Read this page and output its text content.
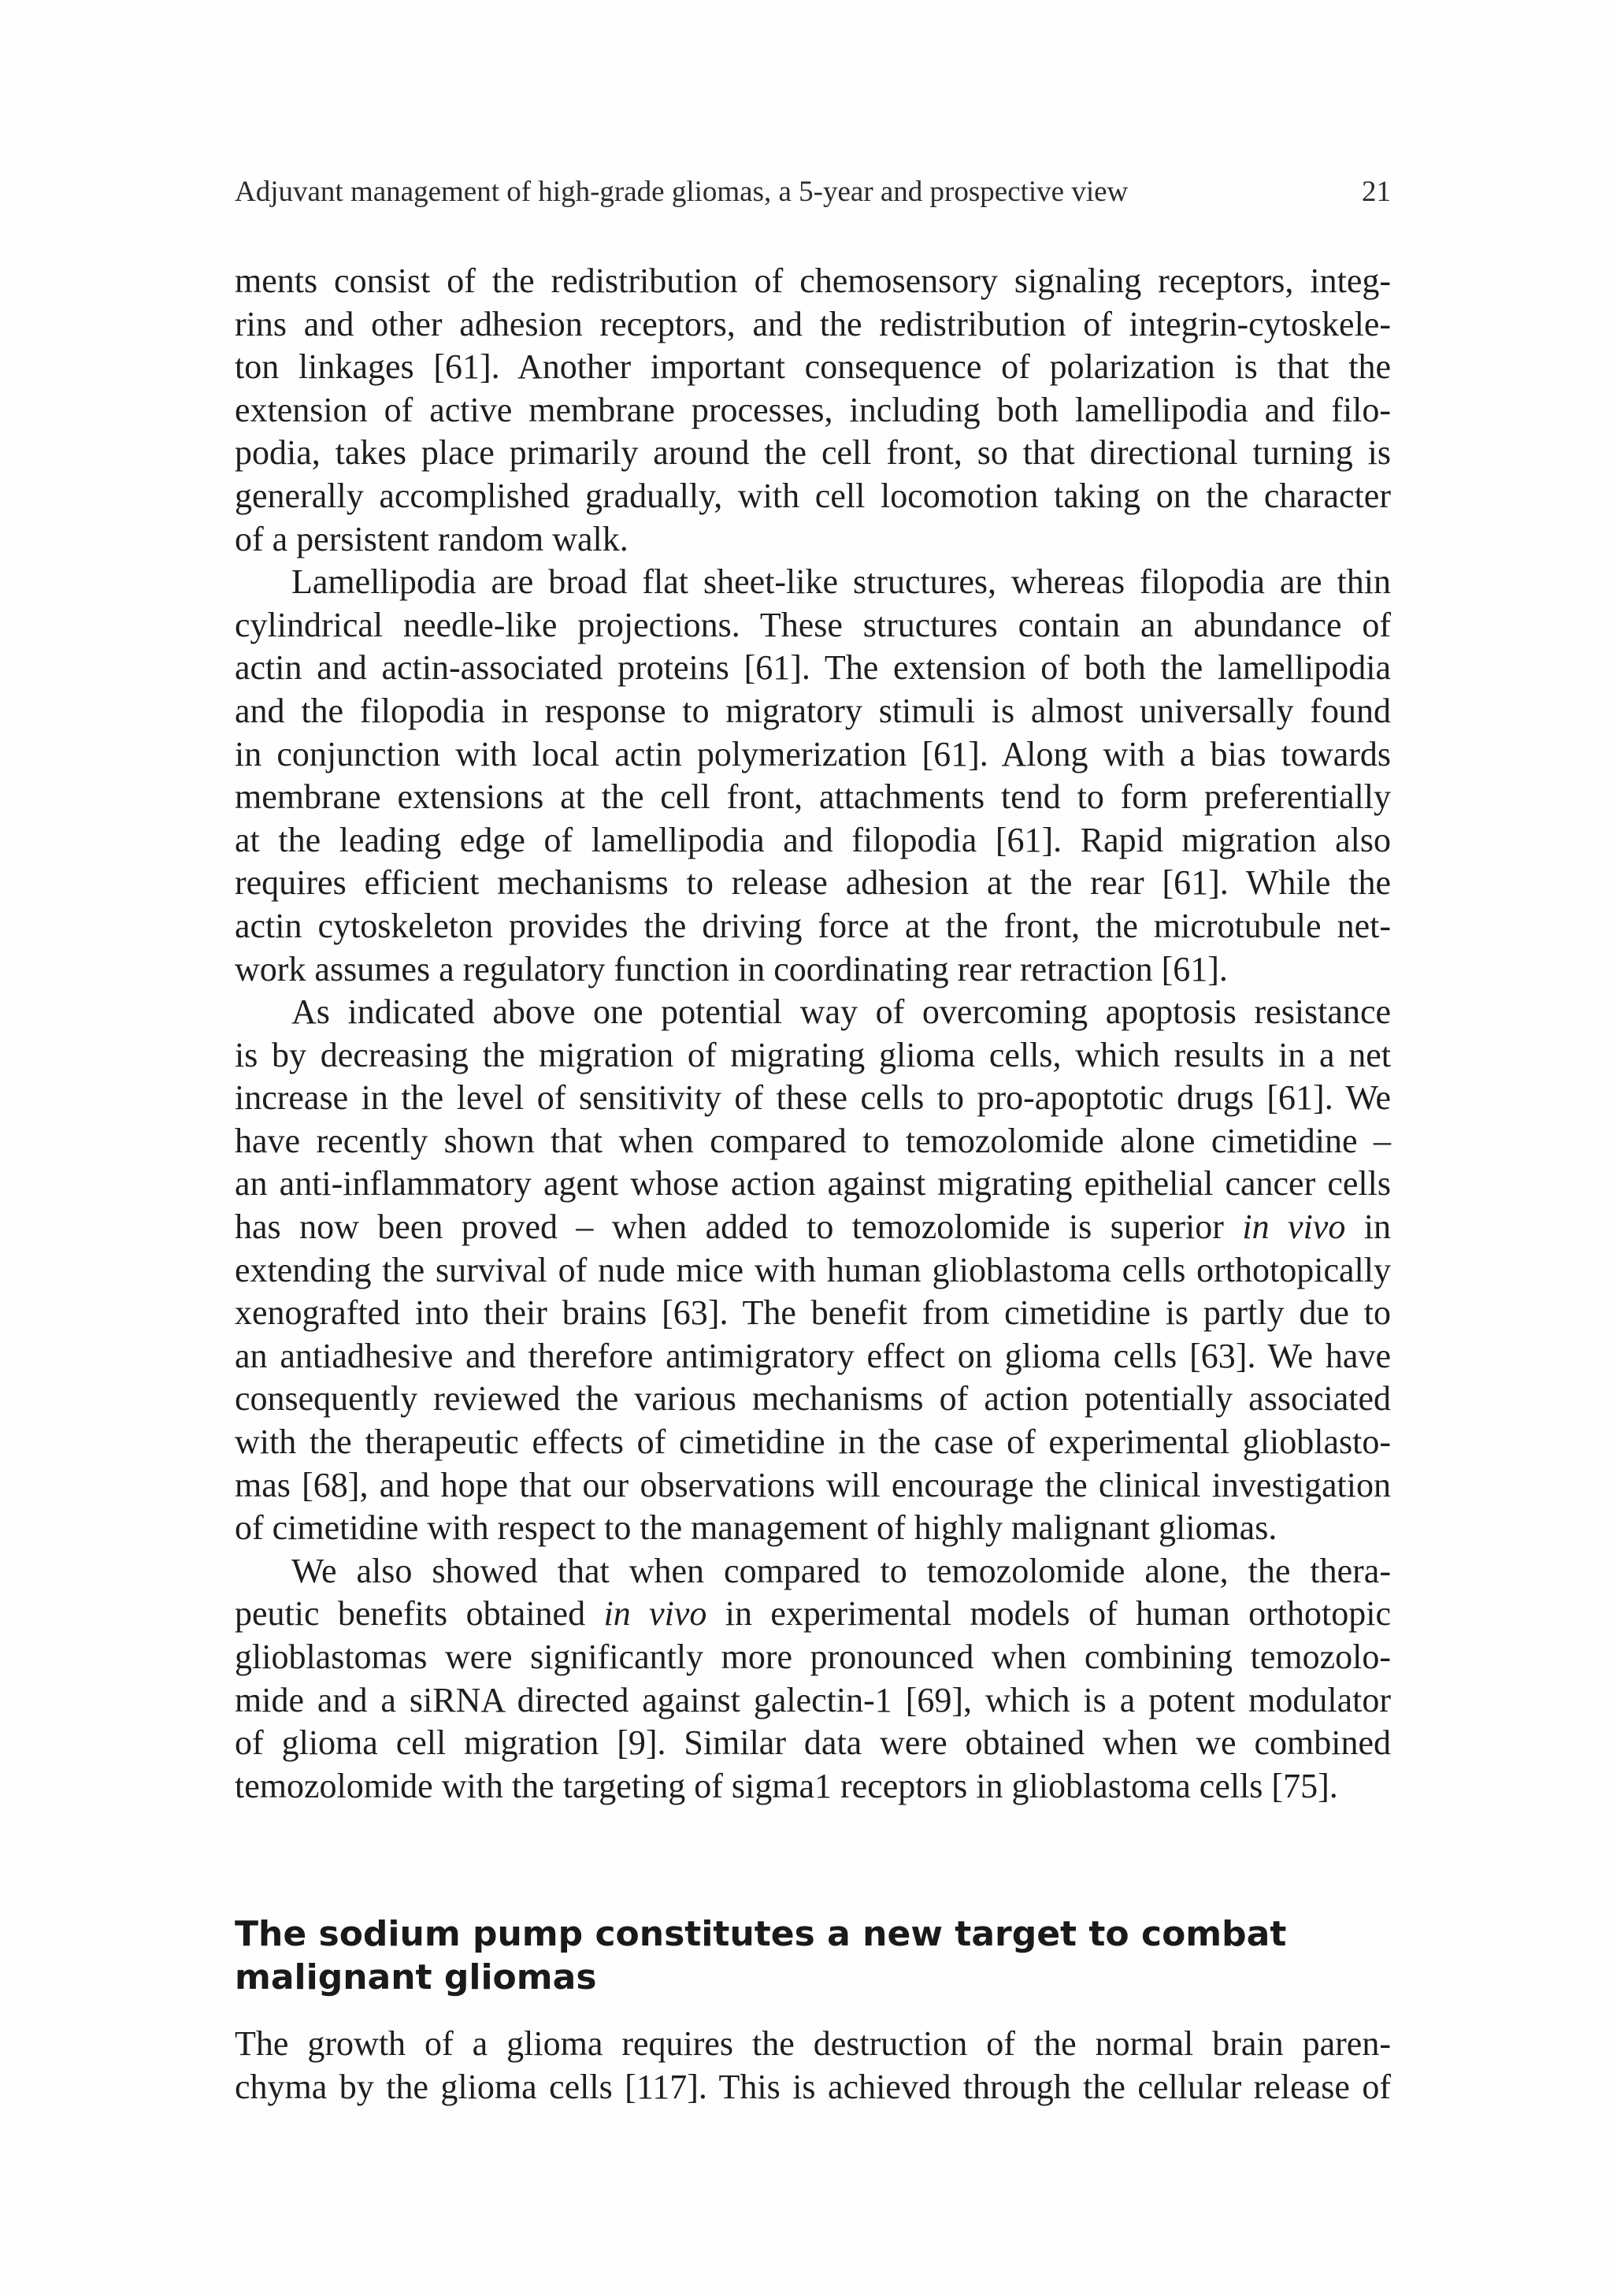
Adjuvant management of high-grade gliomas, a 5-year and prospective view	21
ments consist of the redistribution of chemosensory signaling receptors, integ-
rins and other adhesion receptors, and the redistribution of integrin-cytoskele-
ton linkages [61]. Another important consequence of polarization is that the
extension of active membrane processes, including both lamellipodia and filo-
podia, takes place primarily around the cell front, so that directional turning is
generally accomplished gradually, with cell locomotion taking on the character
of a persistent random walk.
Lamellipodia are broad flat sheet-like structures, whereas filopodia are thin
cylindrical needle-like projections. These structures contain an abundance of
actin and actin-associated proteins [61]. The extension of both the lamellipodia
and the filopodia in response to migratory stimuli is almost universally found
in conjunction with local actin polymerization [61]. Along with a bias towards
membrane extensions at the cell front, attachments tend to form preferentially
at the leading edge of lamellipodia and filopodia [61]. Rapid migration also
requires efficient mechanisms to release adhesion at the rear [61]. While the
actin cytoskeleton provides the driving force at the front, the microtubule net-
work assumes a regulatory function in coordinating rear retraction [61].
As indicated above one potential way of overcoming apoptosis resistance
is by decreasing the migration of migrating glioma cells, which results in a net
increase in the level of sensitivity of these cells to pro-apoptotic drugs [61]. We
have recently shown that when compared to temozolomide alone cimetidine –
an anti-inflammatory agent whose action against migrating epithelial cancer cells
has now been proved – when added to temozolomide is superior in vivo in
extending the survival of nude mice with human glioblastoma cells orthotopically
xenografted into their brains [63]. The benefit from cimetidine is partly due to
an antiadhesive and therefore antimigratory effect on glioma cells [63]. We have
consequently reviewed the various mechanisms of action potentially associated
with the therapeutic effects of cimetidine in the case of experimental glioblasto-
mas [68], and hope that our observations will encourage the clinical investigation
of cimetidine with respect to the management of highly malignant gliomas.
We also showed that when compared to temozolomide alone, the thera-
peutic benefits obtained in vivo in experimental models of human orthotopic
glioblastomas were significantly more pronounced when combining temozolo-
mide and a siRNA directed against galectin-1 [69], which is a potent modulator
of glioma cell migration [9]. Similar data were obtained when we combined
temozolomide with the targeting of sigma1 receptors in glioblastoma cells [75].
The sodium pump constitutes a new target to combat
malignant gliomas
The growth of a glioma requires the destruction of the normal brain paren-
chyma by the glioma cells [117]. This is achieved through the cellular release of
